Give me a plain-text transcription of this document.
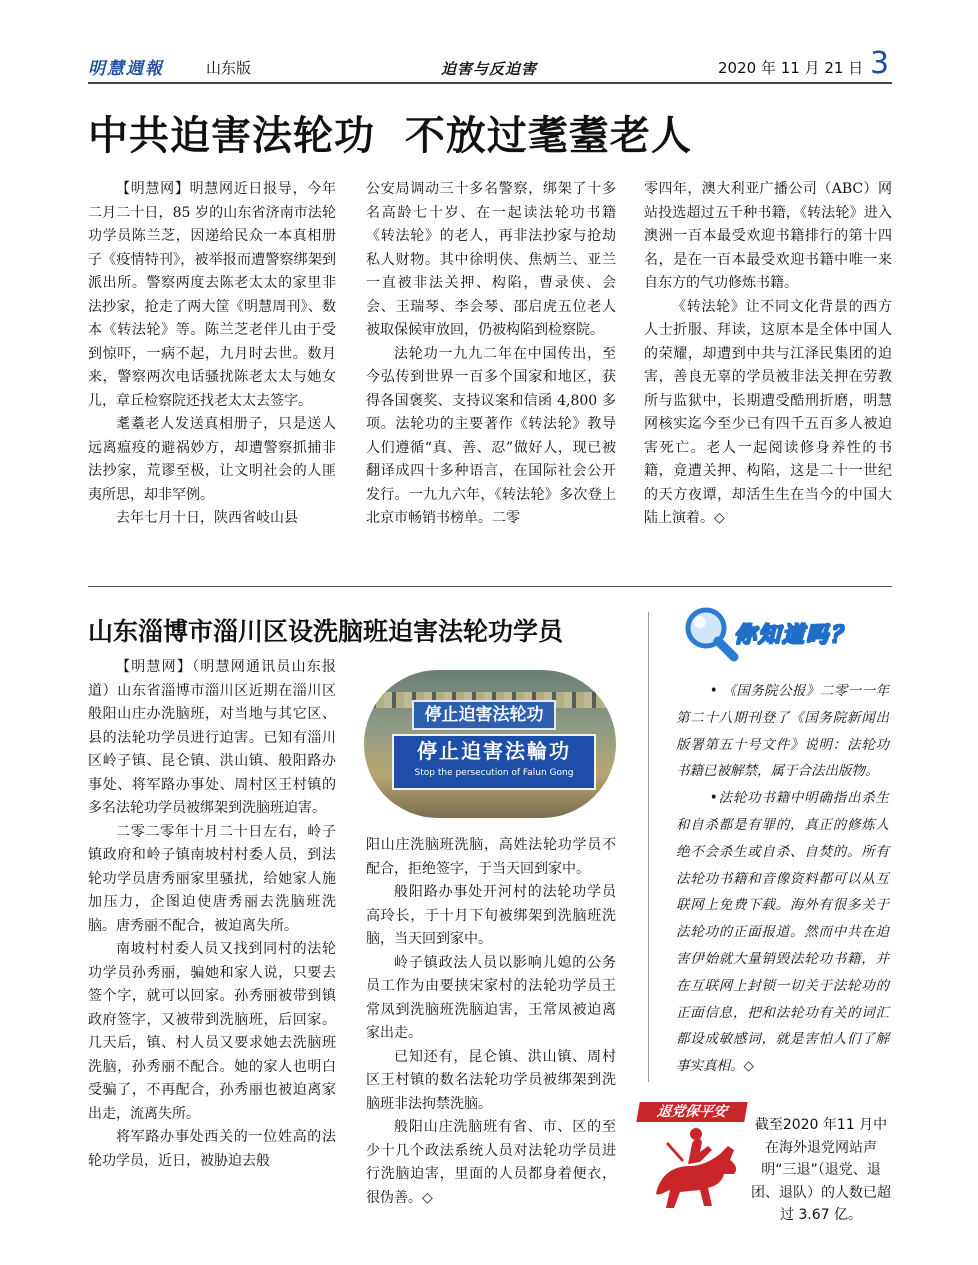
明慧週報	山东版	迫害与反迫害	2020 年 11 月 21 日 3
中共迫害法轮功  不放过耄耋老人

【明慧网】明慧网近日报导，今年二月二十日，85 岁的山东省济南市法轮功学员陈兰芝，因递给民众一本真相册子《疫情特刊》，被举报而遭警察绑架到派出所。警察两度去陈老太太的家里非法抄家，抢走了两大筐《明慧周刊》、数本《转法轮》等。陈兰芝老伴儿由于受到惊吓，一病不起，九月时去世。数月来，警察两次电话骚扰陈老太太与她女儿，章丘检察院还找老太太去签字。

耄耋老人发送真相册子，只是送人远离瘟疫的避祸妙方，却遭警察抓捕非法抄家，荒谬至极，让文明社会的人匪夷所思，却非罕例。

去年七月十日，陕西省岐山县

公安局调动三十多名警察，绑架了十多名高龄七十岁、在一起读法轮功书籍《转法轮》的老人，再非法抄家与抢劫私人财物。其中徐明侠、焦炳兰、亚兰一直被非法关押、构陷，曹录侠、会会、王瑞琴、李会琴、邵启虎五位老人被取保候审放回，仍被构陷到检察院。

法轮功一九九二年在中国传出，至今弘传到世界一百多个国家和地区，获得各国褒奖、支持议案和信函 4,800 多项。法轮功的主要著作《转法轮》教导人们遵循“真、善、忍”做好人，现已被翻译成四十多种语言，在国际社会公开发行。一九九六年，《转法轮》多次登上北京市畅销书榜单。二零

零四年，澳大利亚广播公司（ABC）网站投选超过五千种书籍，《转法轮》进入澳洲一百本最受欢迎书籍排行的第十四名，是在一百本最受欢迎书籍中唯一来自东方的气功修炼书籍。

《转法轮》让不同文化背景的西方人士折服、拜读，这原本是全体中国人的荣耀，却遭到中共与江泽民集团的迫害，善良无辜的学员被非法关押在劳教所与监狱中，长期遭受酷刑折磨，明慧网核实迄今至少已有四千五百多人被迫害死亡。老人一起阅读修身养性的书籍，竟遭关押、构陷，这是二十一世纪的天方夜谭，却活生生在当今的中国大陆上演着。◇

山东淄博市淄川区设洗脑班迫害法轮功学员

【明慧网】（明慧网通讯员山东报道）山东省淄博市淄川区近期在淄川区般阳山庄办洗脑班，对当地与其它区、县的法轮功学员进行迫害。已知有淄川区岭子镇、昆仑镇、洪山镇、般阳路办事处、将军路办事处、周村区王村镇的多名法轮功学员被绑架到洗脑班迫害。

二零二零年十月二十日左右，岭子镇政府和岭子镇南坡村村委人员，到法轮功学员唐秀丽家里骚扰，给她家人施加压力，企图迫使唐秀丽去洗脑班洗脑。唐秀丽不配合，被迫离失所。

南坡村村委人员又找到同村的法轮功学员孙秀丽，骗她和家人说，只要去签个字，就可以回家。孙秀丽被带到镇政府签字，又被带到洗脑班，后回家。几天后，镇、村人员又要求她去洗脑班洗脑，孙秀丽不配合。她的家人也明白受骗了，不再配合，孙秀丽也被迫离家出走，流离失所。

将军路办事处西关的一位姓高的法轮功学员，近日，被胁迫去般

停止迫害法轮功
停止迫害法輪功
Stop the persecution of Falun Gong

阳山庄洗脑班洗脑，高姓法轮功学员不配合，拒绝签字，于当天回到家中。

般阳路办事处开河村的法轮功学员高玲长，于十月下旬被绑架到洗脑班洗脑，当天回到家中。

岭子镇政法人员以影响儿媳的公务员工作为由要挟宋家村的法轮功学员王常凤到洗脑班洗脑迫害，王常凤被迫离家出走。

已知还有，昆仑镇、洪山镇、周村区王村镇的数名法轮功学员被绑架到洗脑班非法拘禁洗脑。

般阳山庄洗脑班有省、市、区的至少十几个政法系统人员对法轮功学员进行洗脑迫害，里面的人员都身着便衣，很伪善。◇

你知道吗？

• 《国务院公报》二零一一年第二十八期刊登了《国务院新闻出版署第五十号文件》说明：法轮功书籍已被解禁，属于合法出版物。

•法轮功书籍中明确指出杀生和自杀都是有罪的，真正的修炼人绝不会杀生或自杀、自焚的。所有法轮功书籍和音像资料都可以从互联网上免费下载。海外有很多关于法轮功的正面报道。然而中共在迫害伊始就大量销毁法轮功书籍，并在互联网上封锁一切关于法轮功的正面信息，把和法轮功有关的词汇都设成敏感词，就是害怕人们了解事实真相。◇

退党保平安
截至2020 年11 月中在海外退党网站声明“三退”（退党、退团、退队）的人数已超过 3.67 亿。
